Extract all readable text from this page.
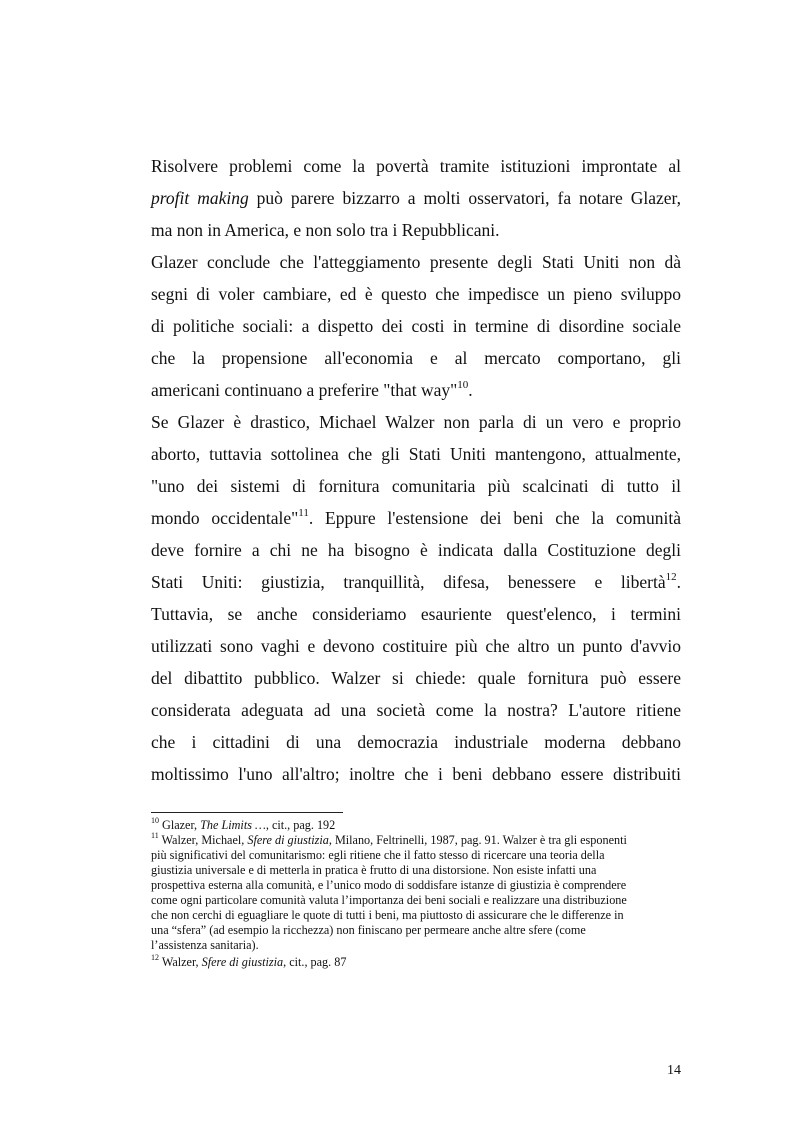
Risolvere problemi come la povertà tramite istituzioni improntate al
profit making può parere bizzarro a molti osservatori, fa notare Glazer,
ma non in America, e non solo tra i Repubblicani.
Glazer conclude che l'atteggiamento presente degli Stati Uniti non dà
segni di voler cambiare, ed è questo che impedisce un pieno sviluppo
di politiche sociali: a dispetto dei costi in termine di disordine sociale
che la propensione all'economia e al mercato comportano, gli
americani continuano a preferire "that way"$^{10}$.
Se Glazer è drastico, Michael Walzer non parla di un vero e proprio
aborto, tuttavia sottolinea che gli Stati Uniti mantengono, attualmente,
"uno dei sistemi di fornitura comunitaria più scalcinati di tutto il
mondo occidentale"$^{11}$. Eppure l'estensione dei beni che la comunità
deve fornire a chi ne ha bisogno è indicata dalla Costituzione degli
Stati Uniti: giustizia, tranquillità, difesa, benessere e libertà$^{12}$.
Tuttavia, se anche consideriamo esauriente quest'elenco, i termini
utilizzati sono vaghi e devono costituire più che altro un punto d'avvio
del dibattito pubblico. Walzer si chiede: quale fornitura può essere
considerata adeguata ad una società come la nostra? L'autore ritiene
che i cittadini di una democrazia industriale moderna debbano
moltissimo l'uno all'altro; inoltre che i beni debbano essere distribuiti
$^{10}$ Glazer, The Limits …, cit., pag. 192
$^{11}$ Walzer, Michael, Sfere di giustizia, Milano, Feltrinelli, 1987, pag. 91. Walzer è tra gli esponenti
più significativi del comunitarismo: egli ritiene che il fatto stesso di ricercare una teoria della
giustizia universale e di metterla in pratica è frutto di una distorsione. Non esiste infatti una
prospettiva esterna alla comunità, e l’unico modo di soddisfare istanze di giustizia è comprendere
come ogni particolare comunità valuta l’importanza dei beni sociali e realizzare una distribuzione
che non cerchi di eguagliare le quote di tutti i beni, ma piuttosto di assicurare che le differenze in
una “sfera” (ad esempio la ricchezza) non finiscano per permeare anche altre sfere (come
l’assistenza sanitaria).
$^{12}$ Walzer, Sfere di giustizia, cit., pag. 87
14
